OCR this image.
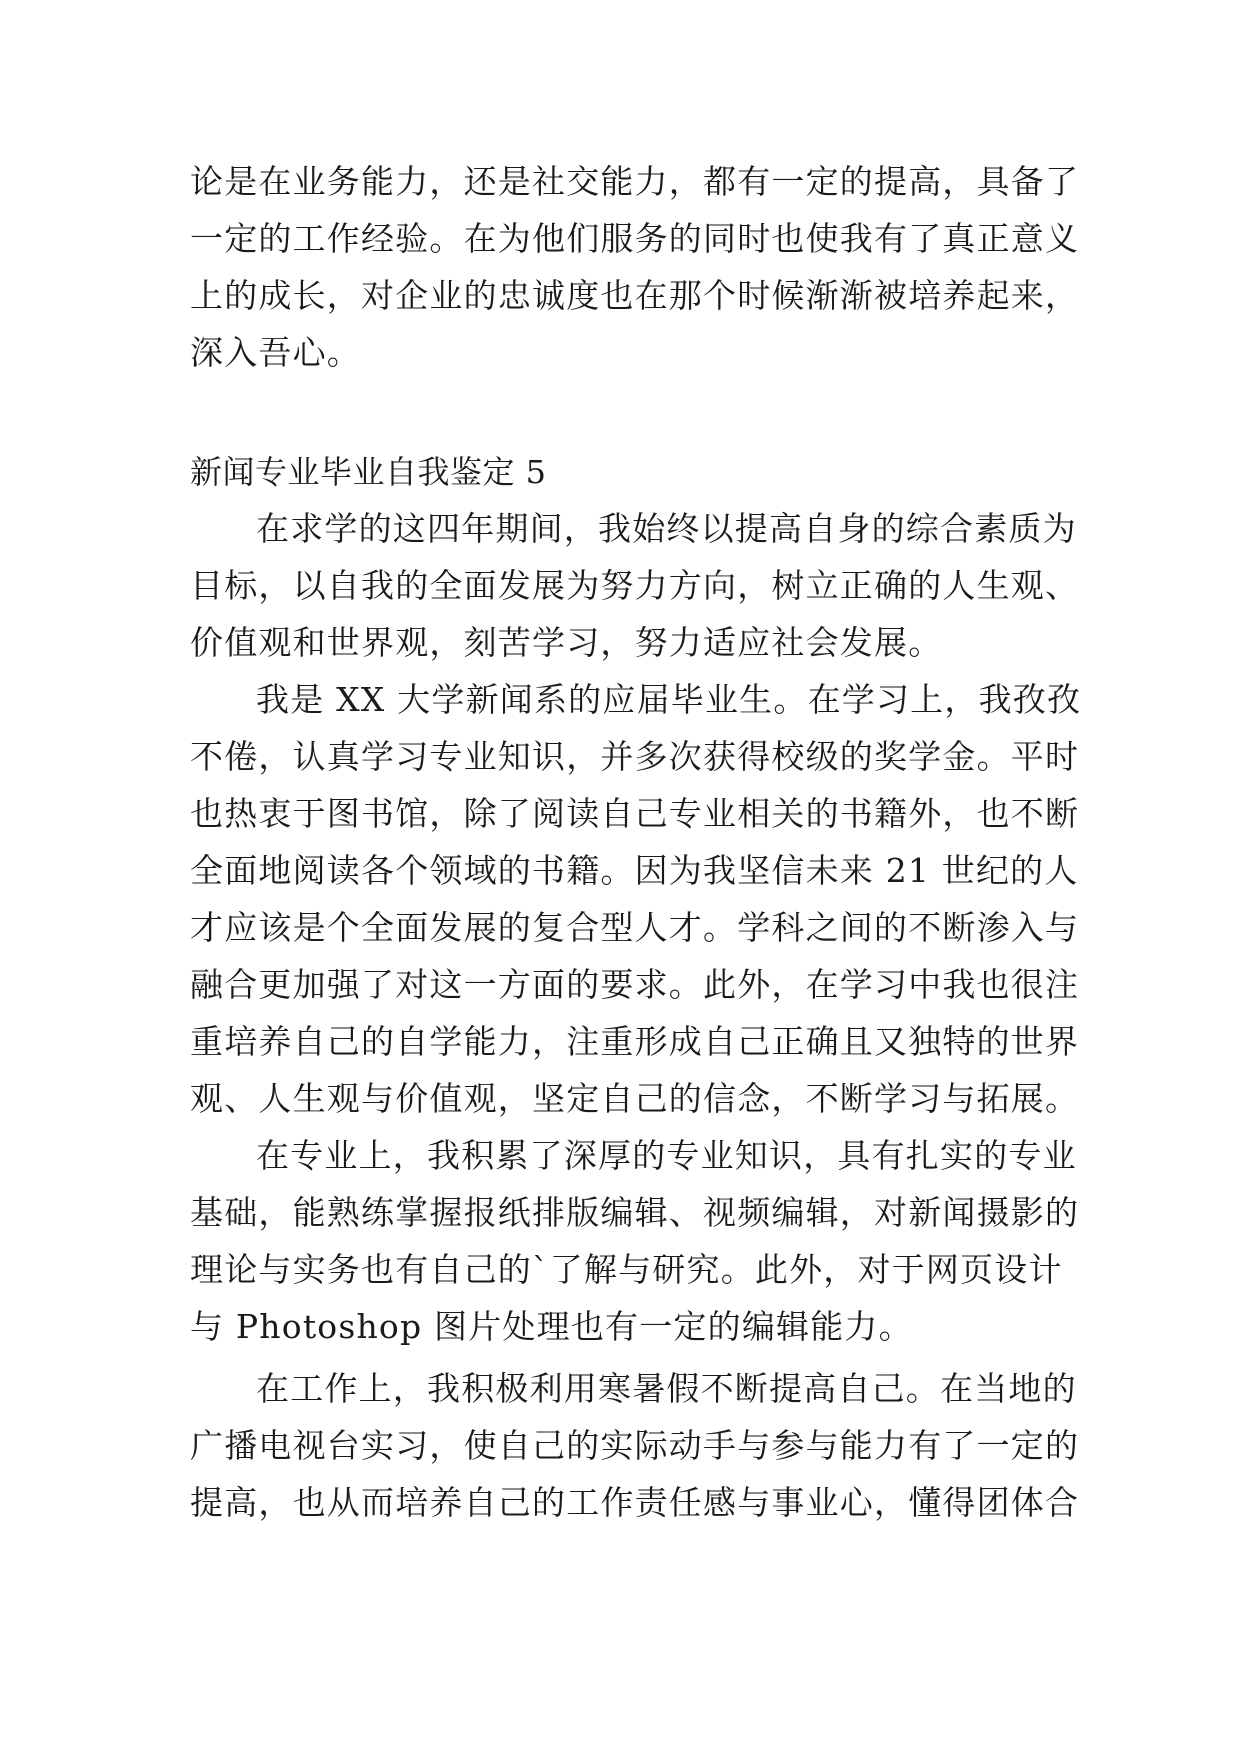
论是在业务能力，还是社交能力，都有一定的提高，具备了
一定的工作经验。在为他们服务的同时也使我有了真正意义
上的成长，对企业的忠诚度也在那个时候渐渐被培养起来，
深入吾心。
新闻专业毕业自我鉴定 5
在求学的这四年期间，我始终以提高自身的综合素质为
目标，以自我的全面发展为努力方向，树立正确的人生观、
价值观和世界观，刻苦学习，努力适应社会发展。
我是 XX 大学新闻系的应届毕业生。在学习上，我孜孜
不倦，认真学习专业知识，并多次获得校级的奖学金。平时
也热衷于图书馆，除了阅读自己专业相关的书籍外，也不断
全面地阅读各个领域的书籍。因为我坚信未来 21 世纪的人
才应该是个全面发展的复合型人才。学科之间的不断渗入与
融合更加强了对这一方面的要求。此外，在学习中我也很注
重培养自己的自学能力，注重形成自己正确且又独特的世界
观、人生观与价值观，坚定自己的信念，不断学习与拓展。
在专业上，我积累了深厚的专业知识，具有扎实的专业
基础，能熟练掌握报纸排版编辑、视频编辑，对新闻摄影的
理论与实务也有自己的`了解与研究。此外，对于网页设计
与 Photoshop 图片处理也有一定的编辑能力。
在工作上，我积极利用寒暑假不断提高自己。在当地的
广播电视台实习，使自己的实际动手与参与能力有了一定的
提高，也从而培养自己的工作责任感与事业心，懂得团体合
